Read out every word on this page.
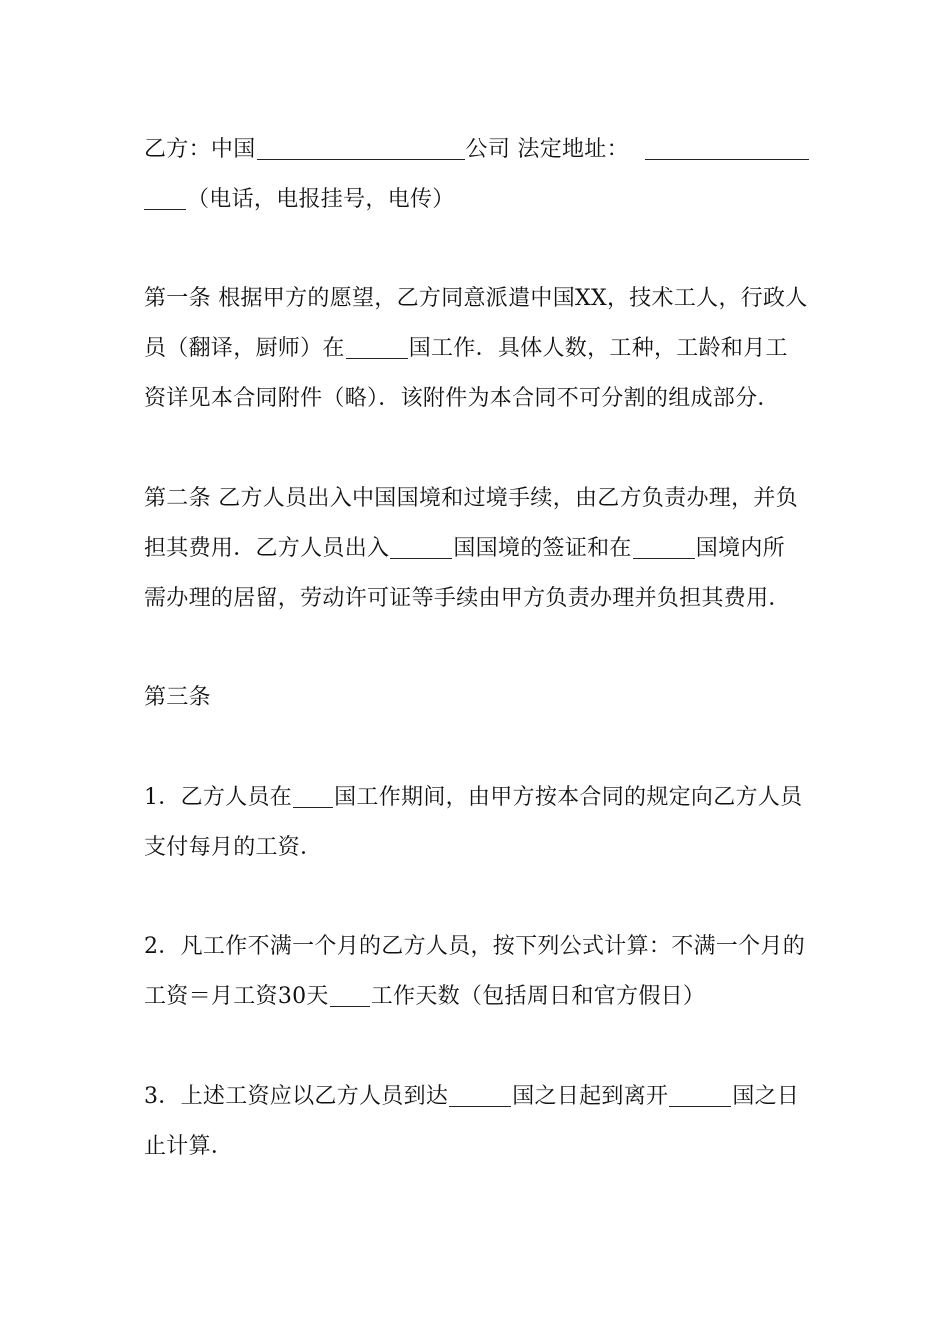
乙方：中国	公司 法定地址：
（电话，电报挂号，电传）
第一条 根据甲方的愿望，乙方同意派遣中国XX，技术工人，行政人
员（翻译，厨师）在	国工作．具体人数，工种，工龄和月工
资详见本合同附件（略）．该附件为本合同不可分割的组成部分．
第二条 乙方人员出入中国国境和过境手续，由乙方负责办理，并负
担其费用．乙方人员出入	国国境的签证和在	国境内所
需办理的居留，劳动许可证等手续由甲方负责办理并负担其费用．
第三条
1．乙方人员在 国工作期间，由甲方按本合同的规定向乙方人员
支付每月的工资．
2．凡工作不满一个月的乙方人员，按下列公式计算：不满一个月的
工资＝月工资30天 工作天数（包括周日和官方假日）
3．上述工资应以乙方人员到达	国之日起到离开	国之日
止计算．
